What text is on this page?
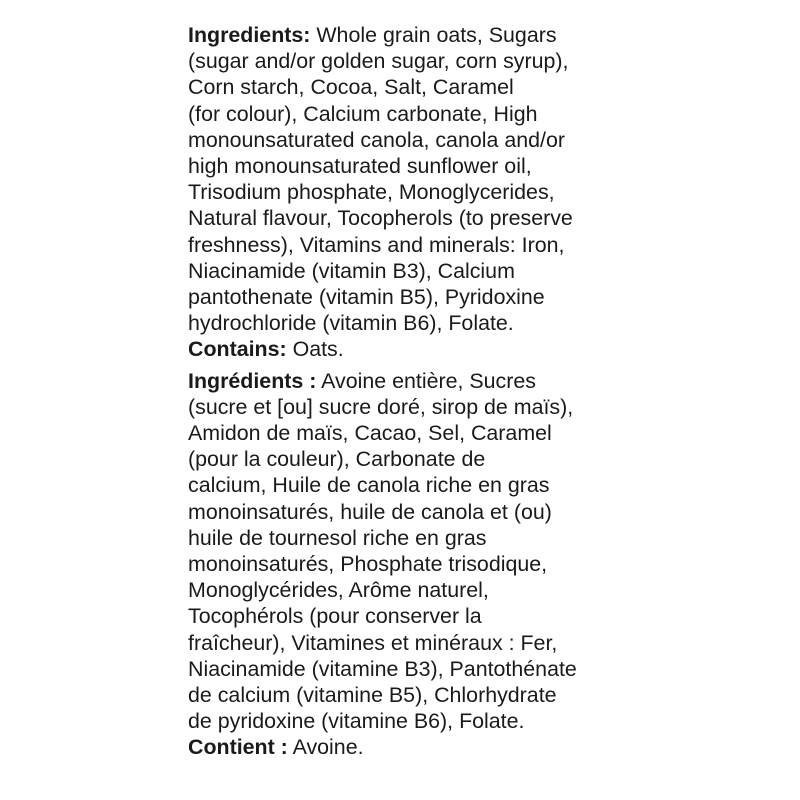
Ingredients: Whole grain oats, Sugars
(sugar and/or golden sugar, corn syrup),
Corn starch, Cocoa, Salt, Caramel
(for colour), Calcium carbonate, High
monounsaturated canola, canola and/or
high monounsaturated sunflower oil,
Trisodium phosphate, Monoglycerides,
Natural flavour, Tocopherols (to preserve
freshness), Vitamins and minerals: Iron,
Niacinamide (vitamin B3), Calcium
pantothenate (vitamin B5), Pyridoxine
hydrochloride (vitamin B6), Folate.
Contains: Oats.
Ingrédients : Avoine entière, Sucres
(sucre et [ou] sucre doré, sirop de maïs),
Amidon de maïs, Cacao, Sel, Caramel
(pour la couleur), Carbonate de
calcium, Huile de canola riche en gras
monoinsaturés, huile de canola et (ou)
huile de tournesol riche en gras
monoinsaturés, Phosphate trisodique,
Monoglycérides, Arôme naturel,
Tocophérols (pour conserver la
fraîcheur), Vitamines et minéraux : Fer,
Niacinamide (vitamine B3), Pantothénate
de calcium (vitamine B5), Chlorhydrate
de pyridoxine (vitamine B6), Folate.
Contient : Avoine.
